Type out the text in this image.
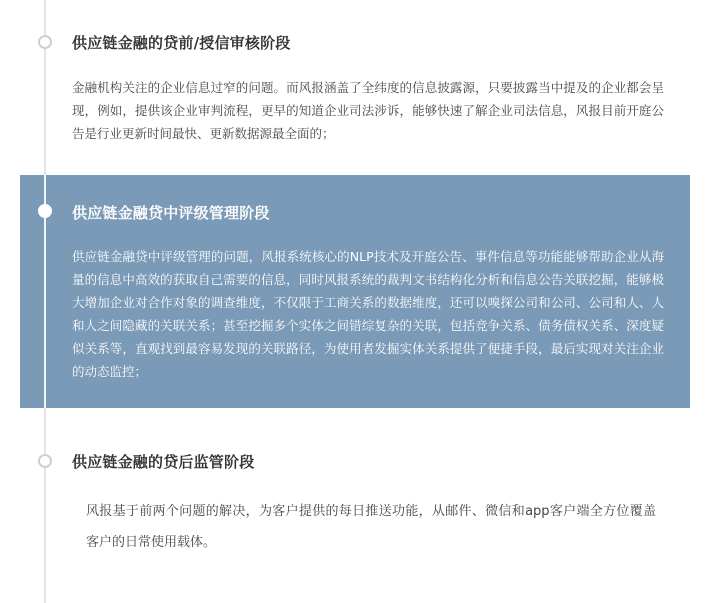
供应链金融的贷前/授信审核阶段
金融机构关注的企业信息过窄的问题。而风报涵盖了全纬度的信息披露源，只要披露当中提及的企业都会呈现，例如，提供该企业审判流程，更早的知道企业司法涉诉，能够快速了解企业司法信息，风报目前开庭公告是行业更新时间最快、更新数据源最全面的；
供应链金融贷中评级管理阶段
供应链金融贷中评级管理的问题，风报系统核心的NLP技术及开庭公告、事件信息等功能能够帮助企业从海量的信息中高效的获取自己需要的信息，同时风报系统的裁判文书结构化分析和信息公告关联挖掘，能够极大增加企业对合作对象的调查维度，不仅限于工商关系的数据维度，还可以嗅探公司和公司、公司和人、人和人之间隐藏的关联关系；甚至挖掘多个实体之间错综复杂的关联，包括竞争关系、债务债权关系、深度疑似关系等，直观找到最容易发现的关联路径，为使用者发掘实体关系提供了便捷手段，最后实现对关注企业的动态监控；
供应链金融的贷后监管阶段
风报基于前两个问题的解决，为客户提供的每日推送功能，从邮件、微信和app客户端全方位覆盖客户的日常使用载体。
